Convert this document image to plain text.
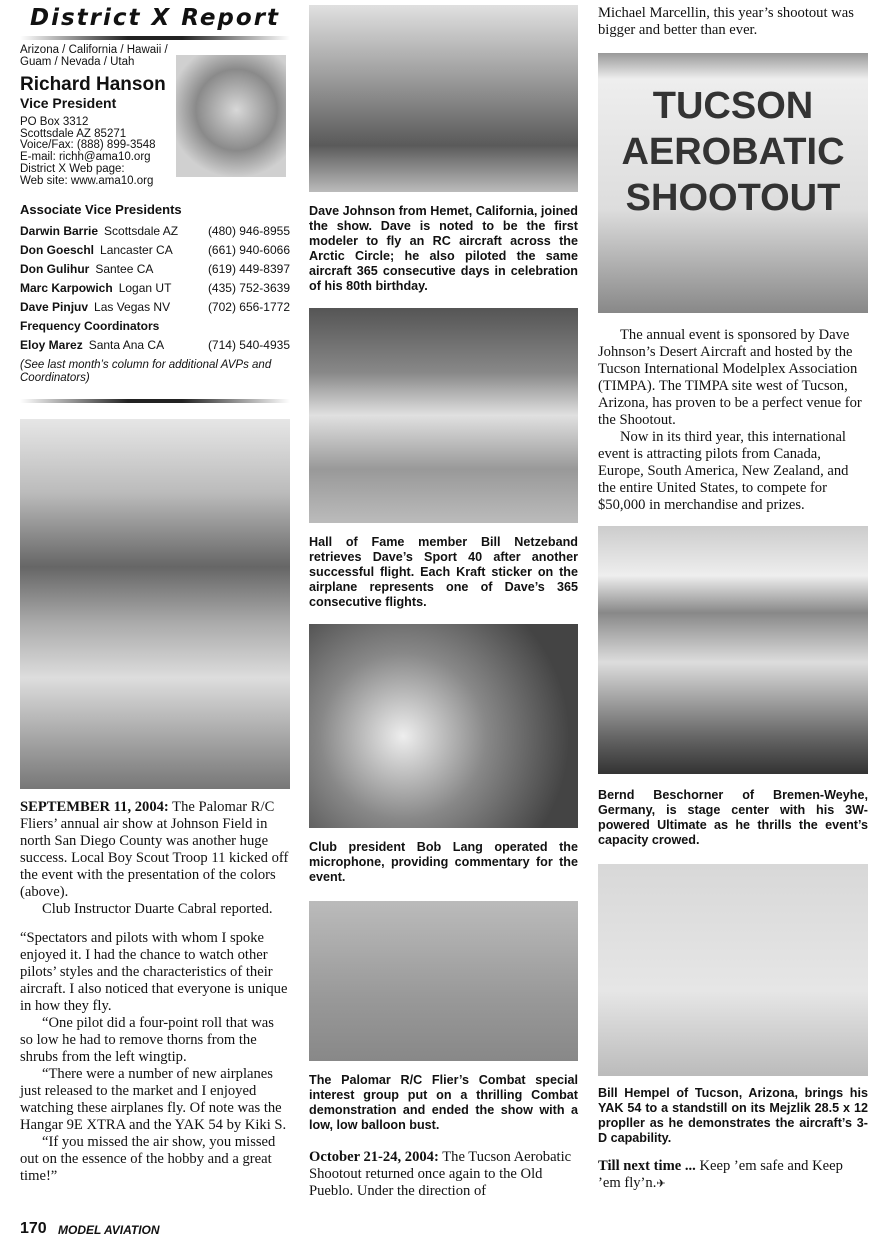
District X Report
Arizona / California / Hawaii / Guam / Nevada / Utah
Richard Hanson
Vice President
PO Box 3312
Scottsdale AZ 85271
Voice/Fax: (888) 899-3548
E-mail: richh@ama10.org
District X Web page:
Web site: www.ama10.org
Associate Vice Presidents
Darwin Barrie Scottsdale AZ	(480) 946-8955
Don Goeschl Lancaster CA	(661) 940-6066
Don Gulihur Santee CA	(619) 449-8397
Marc Karpowich Logan UT	(435) 752-3639
Dave Pinjuv Las Vegas NV	(702) 656-1772
Frequency Coordinators
Eloy Marez Santa Ana CA	(714) 540-4935
(See last month’s column for additional AVPs and Coordinators)

SEPTEMBER 11, 2004: The Palomar R/C Fliers’ annual air show at Johnson Field in north San Diego County was another huge success. Local Boy Scout Troop 11 kicked off the event with the presentation of the colors (above).

Club Instructor Duarte Cabral reported.

“Spectators and pilots with whom I spoke enjoyed it. I had the chance to watch other pilots’ styles and the characteristics of their aircraft. I also noticed that everyone is unique in how they fly.

“One pilot did a four-point roll that was so low he had to remove thorns from the shrubs from the left wingtip.

“There were a number of new airplanes just released to the market and I enjoyed watching these airplanes fly. Of note was the Hangar 9E XTRA and the YAK 54 by Kiki S.

“If you missed the air show, you missed out on the essence of the hobby and a great time!”

Dave Johnson from Hemet, California, joined the show. Dave is noted to be the first modeler to fly an RC aircraft across the Arctic Circle; he also piloted the same aircraft 365 consecutive days in celebration of his 80th birthday.
Hall of Fame member Bill Netzeband retrieves Dave’s Sport 40 after another successful flight. Each Kraft sticker on the airplane represents one of Dave’s 365 consecutive flights.
Club president Bob Lang operated the microphone, providing commentary for the event.
The Palomar R/C Flier’s Combat special interest group put on a thrilling Combat demonstration and ended the show with a low, low balloon bust.

October 21-24, 2004: The Tucson Aerobatic Shootout returned once again to the Old Pueblo. Under the direction of

Michael Marcellin, this year’s shootout was bigger and better than ever.
TUCSON AEROBATIC SHOOTOUT

The annual event is sponsored by Dave Johnson’s Desert Aircraft and hosted by the Tucson International Modelplex Association (TIMPA). The TIMPA site west of Tucson, Arizona, has proven to be a perfect venue for the Shootout.

Now in its third year, this international event is attracting pilots from Canada, Europe, South America, New Zealand, and the entire United States, to compete for $50,000 in merchandise and prizes.

Bernd Beschorner of Bremen-Weyhe, Germany, is stage center with his 3W-powered Ultimate as he thrills the event’s capacity crowed.
Bill Hempel of Tucson, Arizona, brings his YAK 54 to a standstill on its Mejzlik 28.5 x 12 propller as he demonstrates the aircraft’s 3-D capability.

Till next time ... Keep ’em safe and Keep ’em fly’n.✈

170 MODEL AVIATION
